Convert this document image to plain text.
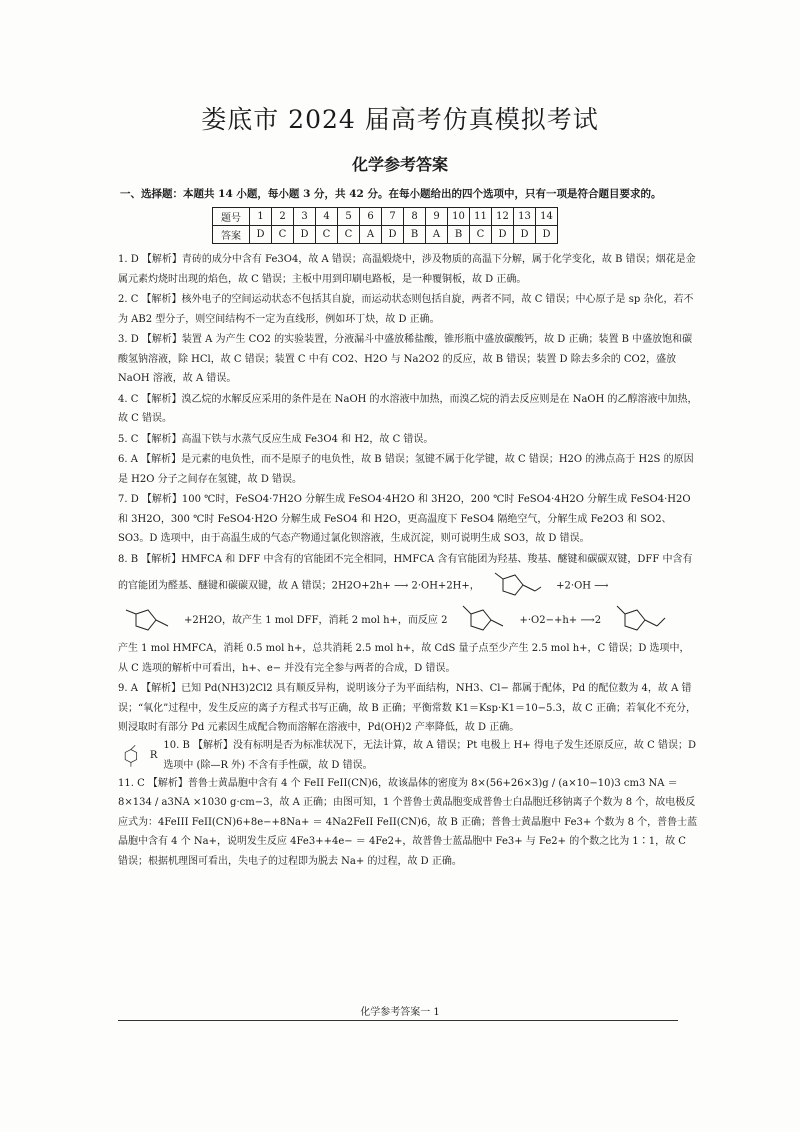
娄底市 2024 届高考仿真模拟考试
化学参考答案
一、选择题：本题共 14 小题，每小题 3 分，共 42 分。在每小题给出的四个选项中，只有一项是符合题目要求的。
题号	1	2	3	4	5	6	7	8	9	10	11	12	13	14
答案	D	C	D	C	C	A	D	B	A	B	C	D	D	D
1. D 【解析】青砖的成分中含有 Fe3O4，故 A 错误；高温煅烧中，涉及物质的高温下分解，属于化学变化，故 B 错误；烟花是金属元素灼烧时出现的焰色，故 C 错误；主板中用到印刷电路板，是一种覆铜板，故 D 正确。
2. C 【解析】核外电子的空间运动状态不包括其自旋，而运动状态则包括自旋，两者不同，故 C 错误；中心原子是 sp 杂化，若不为 AB2 型分子，则空间结构不一定为直线形，例如环丁炔，故 D 正确。
3. D 【解析】装置 A 为产生 CO2 的实验装置，分液漏斗中盛放稀盐酸，锥形瓶中盛放碳酸钙，故 D 正确；装置 B 中盛放饱和碳酸氢钠溶液，除 HCl，故 C 错误；装置 C 中有 CO2、H2O 与 Na2O2 的反应，故 B 错误；装置 D 除去多余的 CO2，盛放 NaOH 溶液，故 A 错误。
4. C 【解析】溴乙烷的水解反应采用的条件是在 NaOH 的水溶液中加热，而溴乙烷的消去反应则是在 NaOH 的乙醇溶液中加热，故 C 错误。
5. C 【解析】高温下铁与水蒸气反应生成 Fe3O4 和 H2，故 C 错误。
6. A 【解析】是元素的电负性，而不是原子的电负性，故 B 错误；氢键不属于化学键，故 C 错误；H2O 的沸点高于 H2S 的原因是 H2O 分子之间存在氢键，故 D 错误。
7. D 【解析】100 ℃时，FeSO4·7H2O 分解生成 FeSO4·4H2O 和 3H2O，200 ℃时 FeSO4·4H2O 分解生成 FeSO4·H2O 和 3H2O，300 ℃时 FeSO4·H2O 分解生成 FeSO4 和 H2O，更高温度下 FeSO4 隔绝空气，分解生成 Fe2O3 和 SO2、SO3。D 选项中，由于高温生成的气态产物通过氯化钡溶液，生成沉淀，则可说明生成 SO3，故 D 错误。
8. B 【解析】HMFCA 和 DFF 中含有的官能团不完全相同，HMFCA 含有官能团为羟基、羧基、醚键和碳碳双键，DFF 中含有的官能团为醛基、醚键和碳碳双键，故 A 错误；2H2O+2h+ ⟶ 2·OH+2H+，	+2·OH ⟶
+2H2O，故产生 1 mol DFF，消耗 2 mol h+，而反应 2	+·O2−+h+ ⟶2
产生 1 mol HMFCA，消耗 0.5 mol h+，总共消耗 2.5 mol h+，故 CdS 量子点至少产生 2.5 mol h+，C 错误；D 选项中，从 C 选项的解析中可看出，h+、e− 并没有完全参与两者的合成，D 错误。
9. A 【解析】已知 Pd(NH3)2Cl2 具有顺反异构，说明该分子为平面结构，NH3、Cl− 都属于配体，Pd 的配位数为 4，故 A 错误；“氧化”过程中，发生反应的离子方程式书写正确，故 B 正确；平衡常数 K1＝Ksp·K1＝10−5.3，故 C 正确；若氧化不充分，则浸取时有部分 Pd 元素因生成配合物而溶解在溶液中，Pd(OH)2 产率降低，故 D 正确。
R
10. B 【解析】没有标明是否为标准状况下，无法计算，故 A 错误；Pt 电极上 H+ 得电子发生还原反应，故 C 错误；D 选项中 (除—R 外) 不含有手性碳，故 D 错误。
11. C 【解析】普鲁士黄晶胞中含有 4 个 FeII FeII(CN)6，故该晶体的密度为 8×(56+26×3)g / (a×10−10)3 cm3 NA ＝ 8×134 / a3NA ×1030 g·cm−3，故 A 正确；由图可知，1 个普鲁士黄晶胞变成普鲁士白晶胞迁移钠离子个数为 8 个，故电极反应式为：4FeIII FeII(CN)6+8e−+8Na+ ＝ 4Na2FeII FeII(CN)6，故 B 正确；普鲁士黄晶胞中 Fe3+ 个数为 8 个，普鲁士蓝晶胞中含有 4 个 Na+，说明发生反应 4Fe3++4e− ＝ 4Fe2+，故普鲁士蓝晶胞中 Fe3+ 与 Fe2+ 的个数之比为 1∶1，故 C 错误；根据机理图可看出，失电子的过程即为脱去 Na+ 的过程，故 D 正确。
化学参考答案一 1
